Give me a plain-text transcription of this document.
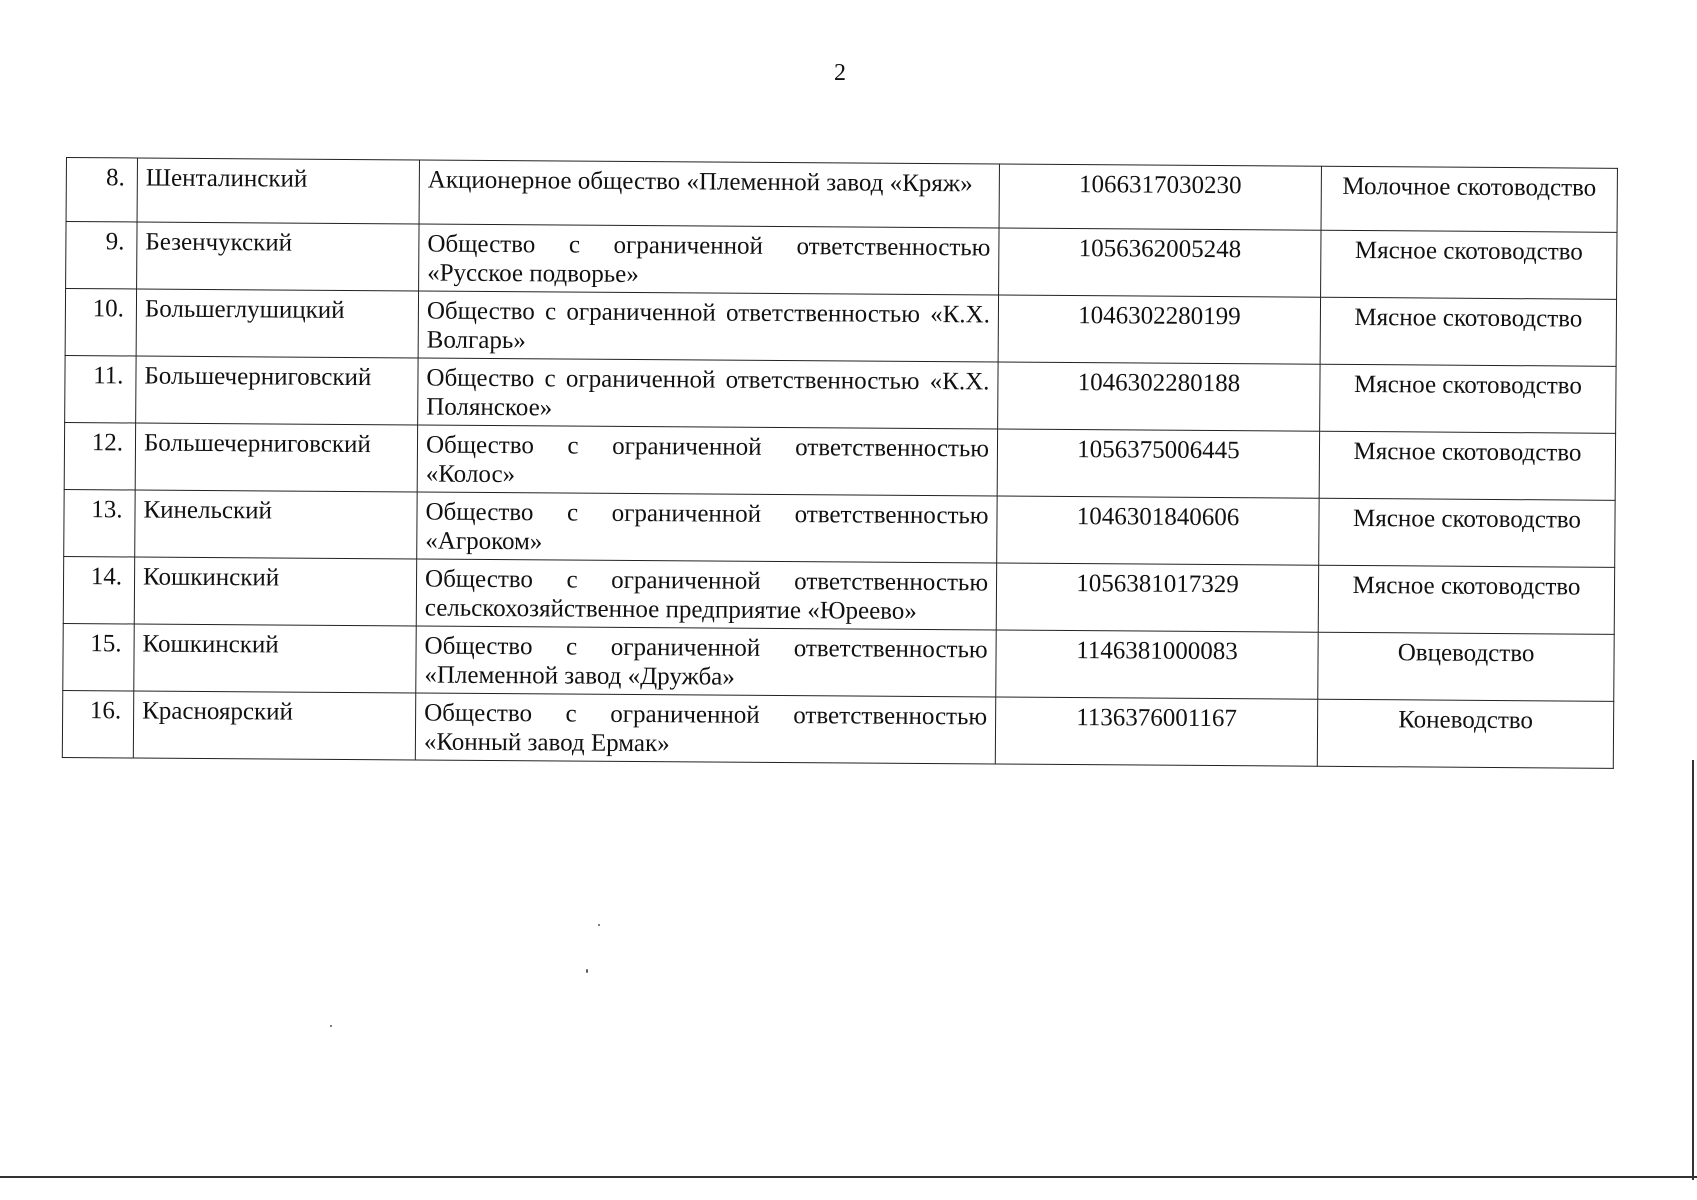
2
8.	Шенталинский	Акционерное общество «Племенной завод «Кряж»	1066317030230	Молочное скотоводство
9.	Безенчукский	Общество с ограниченной ответственностью «Русское подворье»	1056362005248	Мясное скотоводство
10.	Большеглушицкий	Общество с ограниченной ответственностью «К.Х. Волгарь»	1046302280199	Мясное скотоводство
11.	Большечерниговский	Общество с ограниченной ответственностью «К.Х. Полянское»	1046302280188	Мясное скотоводство
12.	Большечерниговский	Общество с ограниченной ответственностью «Колос»	1056375006445	Мясное скотоводство
13.	Кинельский	Общество с ограниченной ответственностью «Агроком»	1046301840606	Мясное скотоводство
14.	Кошкинский	Общество с ограниченной ответственностью сельскохозяйственное предприятие «Юреево»	1056381017329	Мясное скотоводство
15.	Кошкинский	Общество с ограниченной ответственностью «Племенной завод «Дружба»	1146381000083	Овцеводство
16.	Красноярский	Общество с ограниченной ответственностью «Конный завод Ермак»	1136376001167	Коневодство
